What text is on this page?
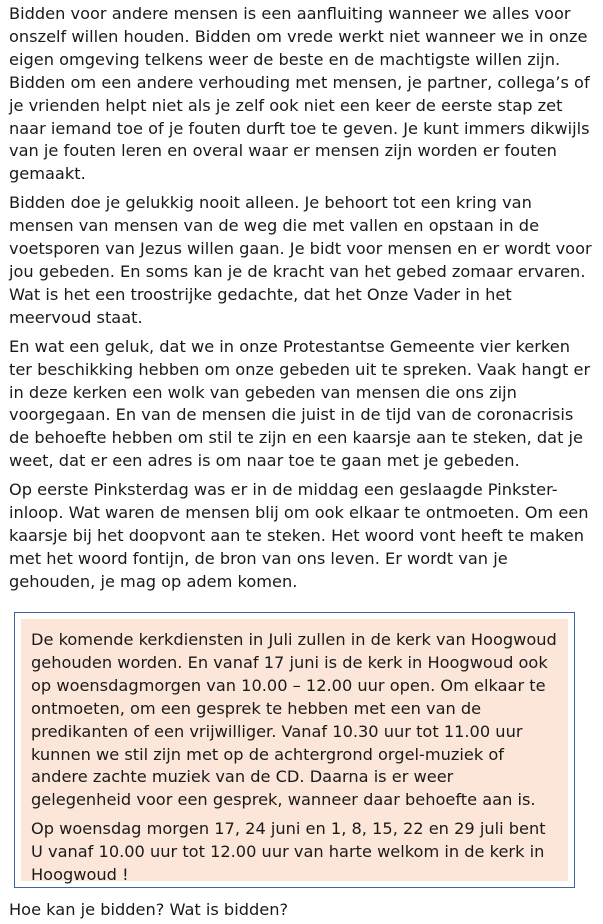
Bidden voor andere mensen is een aanfluiting wanneer we alles voor onszelf willen houden. Bidden om vrede werkt niet wanneer we in onze eigen omgeving telkens weer de beste en de machtigste willen zijn. Bidden om een andere verhouding met mensen, je partner, collega’s of je vrienden helpt niet als je zelf ook niet een keer de eerste stap zet naar iemand toe of je fouten durft toe te geven. Je kunt immers dikwijls van je fouten leren en overal waar er mensen zijn worden er fouten gemaakt.

Bidden doe je gelukkig nooit alleen. Je behoort tot een kring van mensen van mensen van de weg die met vallen en opstaan in de voetsporen van Jezus willen gaan. Je bidt voor mensen en er wordt voor jou gebeden. En soms kan je de kracht van het gebed zomaar ervaren. Wat is het een troostrijke gedachte, dat het Onze Vader in het meervoud staat.

En wat een geluk, dat we in onze Protestantse Gemeente vier kerken ter beschikking hebben om onze gebeden uit te spreken. Vaak hangt er in deze kerken een wolk van gebeden van mensen die ons zijn voorgegaan. En van de mensen die juist in de tijd van de coronacrisis de behoefte hebben om stil te zijn en een kaarsje aan te steken, dat je weet, dat er een adres is om naar toe te gaan met je gebeden.

Op eerste Pinksterdag was er in de middag een geslaagde Pinkster-inloop. Wat waren de mensen blij om ook elkaar te ontmoeten. Om een kaarsje bij het doopvont aan te steken. Het woord vont heeft te maken met het woord fontijn, de bron van ons leven. Er wordt van je gehouden, je mag op adem komen.

De komende kerkdiensten in Juli zullen in de kerk van Hoogwoud gehouden worden. En vanaf 17 juni is de kerk in Hoogwoud ook op woensdagmorgen van 10.00 – 12.00 uur open. Om elkaar te ontmoeten, om een gesprek te hebben met een van de predikanten of een vrijwilliger. Vanaf 10.30 uur tot 11.00 uur kunnen we stil zijn met op de achtergrond orgel-muziek of andere zachte muziek van de CD. Daarna is er weer gelegenheid voor een gesprek, wanneer daar behoefte aan is.

Op woensdag morgen 17, 24 juni en 1, 8, 15, 22 en 29 juli bent U vanaf 10.00 uur tot 12.00 uur van harte welkom in de kerk in Hoogwoud !

Hoe kan je bidden? Wat is bidden?
